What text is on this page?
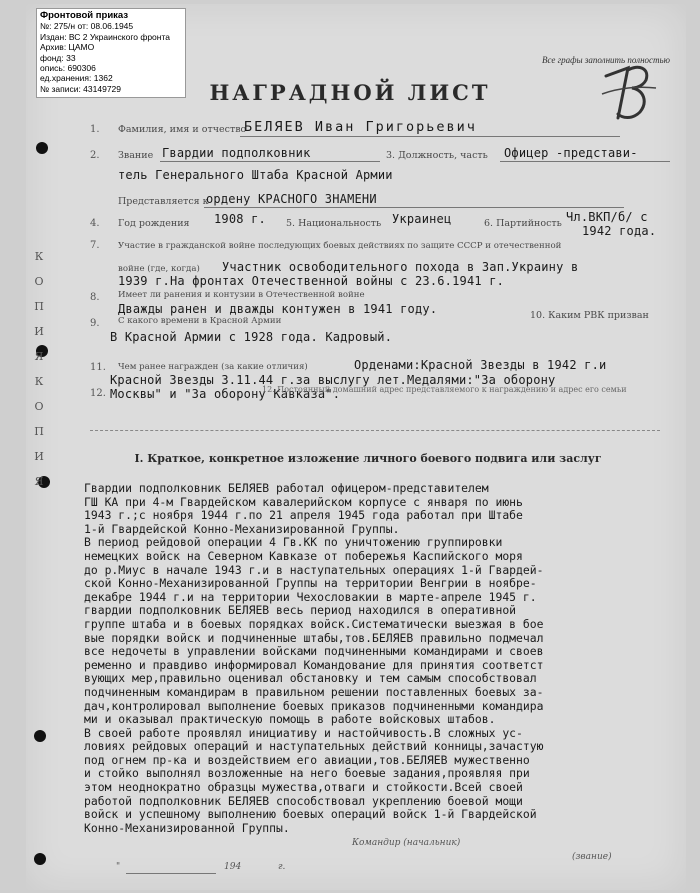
Фронтовой приказ
№: 275/н от: 08.06.1945
Издан: ВС 2 Украинского фронта
Архив: ЦАМО
фонд: 33
опись: 690306
ед.хранения: 1362
№ записи: 43149729
Все графы заполнить полностью
НАГРАДНОЙ ЛИСТ
К
О
П
И
Я
К
О
П
И
Я
1. Фамилия, имя и отчество
БЕЛЯЕВ Иван Григорьевич
2. Звание Гвардии подполковник	3. Должность, часть Офицер -представи-
тель Генерального Штаба Красной Армии
Представляется к
ордену КРАСНОГО ЗНАМЕНИ
4. Год рождения 1908 г. 5. Национальность Украинец	6. Партийность Чл.ВКП/б/ с
1942 года.
7. Участие в гражданской войне последующих боевых действиях по защите СССР и отечественной
войне (где, когда) Участник освободительного похода в Зап.Украину в
1939 г.На фронтах Отечественной войны с 23.6.1941 г.
8. Имеет ли ранения и контузии в Отечественной войне
Дважды ранен и дважды контужен в 1941 году.
9. С какого времени в Красной Армии	10. Каким РВК призван
В Красной Армии с 1928 года. Кадровый.
11. Чем ранее награжден (за какие отличия)	Орденами:Красной Звезды в 1942 г.и
Красной Звезды 3.11.44 г.за выслугу лет.Медалями:"За оборону
Москвы" и "За оборону Кавказа".
12.	12. Постоянный домашний адрес представляемого к награждению и адрес его семьи
I. Краткое, конкретное изложение личного боевого подвига или заслуг
Гвардии подполковник БЕЛЯЕВ работал офицером-представителем
ГШ КА при 4-м Гвардейском кавалерийском корпусе с января по июнь
1943 г.;с ноября 1944 г.по 21 апреля 1945 года работал при Штабе
1-й Гвардейской Конно-Механизированной Группы.
В период рейдовой операции 4 Гв.КК по уничтожению группировки
немецких войск на Северном Кавказе от побережья Каспийского моря
до р.Миус в начале 1943 г.и в наступательных операциях 1-й Гвардей-
ской Конно-Механизированной Группы на территории Венгрии в ноябре-
декабре 1944 г.и на территории Чехословакии в марте-апреле 1945 г.
гвардии подполковник БЕЛЯЕВ весь период находился в оперативной
группе штаба и в боевых порядках войск.Систематически выезжая в бое
вые порядки войск и подчиненные штабы,тов.БЕЛЯЕВ правильно подмечал
все недочеты в управлении войсками подчиненными командирами и своев
ременно и правдиво информировал Командование для принятия соответст
вующих мер,правильно оценивал обстановку и тем самым способствовал
подчиненным командирам в правильном решении поставленных боевых за-
дач,контролировал выполнение боевых приказов подчиненными командира
ми и оказывал практическую помощь в работе войсковых штабов.
В своей работе проявлял инициативу и настойчивость.В сложных ус-
ловиях рейдовых операций и наступательных действий конницы,зачастую
под огнем пр-ка и воздействием его авиации,тов.БЕЛЯЕВ мужественно
и стойко выполнял возложенные на него боевые задания,проявляя при
этом неоднократно образцы мужества,отваги и стойкости.Всей своей
работой подполковник БЕЛЯЕВ способствовал укреплению боевой мощи
войск и успешному выполнению боевых операций войск 1-й Гвардейской
Конно-Механизированной Группы.
"	194	г.
Командир (начальник)
(звание)
